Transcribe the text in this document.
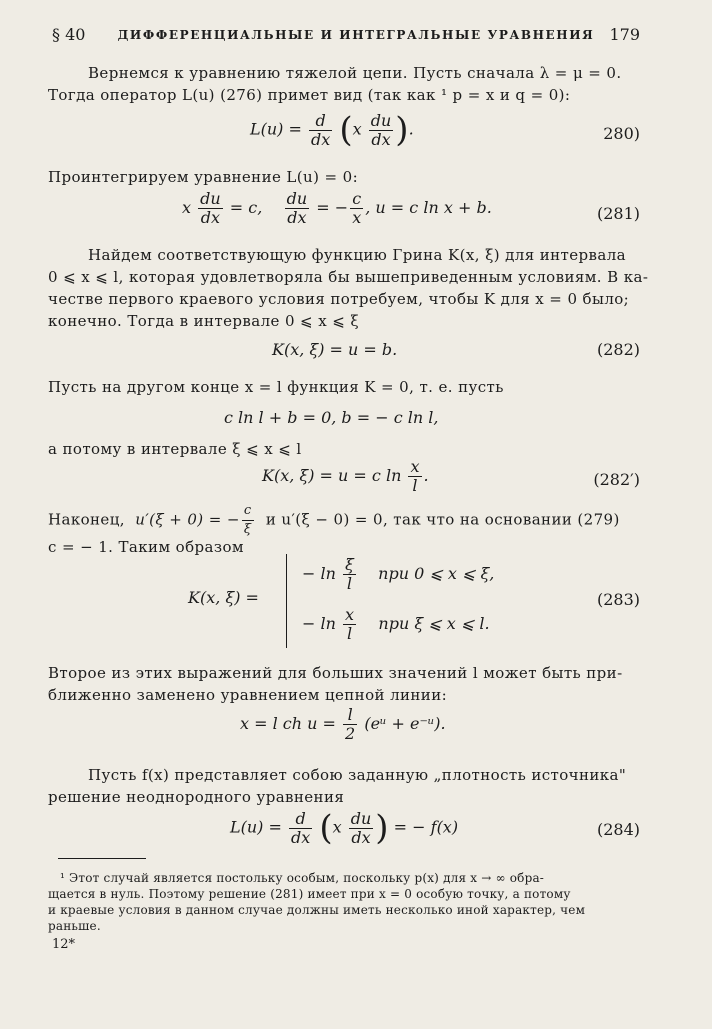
§ 40	ДИФФЕРЕНЦИАЛЬНЫЕ И ИНТЕГРАЛЬНЫЕ УРАВНЕНИЯ 179
Вернемся к уравнению тяжелой цепи. Пусть сначала λ = μ = 0.
Тогда оператор L(u) (276) примет вид (так как ¹ p = x и q = 0):
$L(u) = \frac{d}{dx} (x \frac{du}{dx}$ ).	280)
Проинтегрируем уравнение L(u) = 0:
x $\frac{du}{dx} = c$, $\frac{du}{dx}$ = − $\frac{c}{x}$ , u = c ln x + b.	(281)
Найдем соответствующую функцию Грина K(x, ξ) для интервала
0 ⩽ x ⩽ l, которая удовлетворяла бы вышеприведенным условиям. В ка-
честве первого краевого условия потребуем, чтобы K для x = 0 было;
конечно. Тогда в интервале 0 ⩽ x ⩽ ξ
K(x, ξ) = u = b.	(282)
Пусть на другом конце x = l функция K = 0, т. е. пусть
c ln l + b = 0, b = − c ln l,
а потому в интервале ξ ⩽ x ⩽ l
K(x, ξ) = u = c $\ln \frac{x}{l}$ .	(282′)
Наконец, u′(ξ + 0) = − $\frac{c}{\xi}$ и u′(ξ − 0) = 0, так что на основании (279)
c = − 1. Таким образом
K(x, ξ) =
− $\ln \frac{\xi}{l}$ при 0 ⩽ x ⩽ ξ,
− $\ln \frac{x}{l}$ при ξ ⩽ x ⩽ l.
(283)
Второе из этих выражений для больших значений l может быть при-
ближенно заменено уравнением цепной линии:
x = l ch $u = \frac{l}{2}$ (eᵘ + e⁻ᵘ).
Пусть f(x) представляет собою заданную „плотность источника"
решение неоднородного уравнения
$L(u) = \frac{d}{dx} (x \frac{du}{dx}$ ) = − f(x)	(284)
¹ Этот случай является постольку особым, поскольку p(x) для x → ∞ обра-
щается в нуль. Поэтому решение (281) имеет при x = 0 особую точку, а потому
и краевые условия в данном случае должны иметь несколько иной характер, чем
раньше.
12*
